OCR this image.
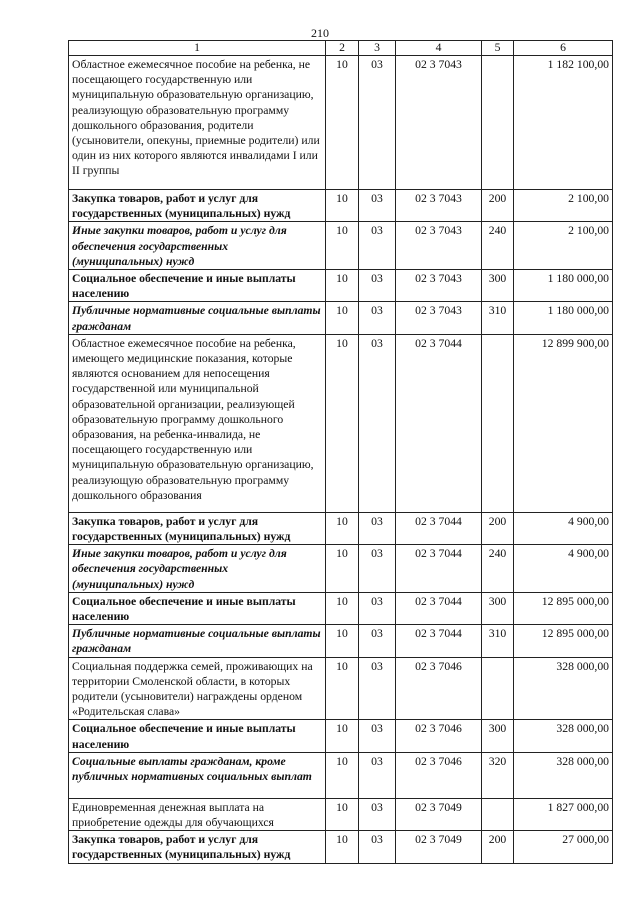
210
1	2	3	4	5	6
Областное ежемесячное пособие на ребенка, не посещающего государственную или муниципальную образовательную организацию, реализующую образовательную программу дошкольного образования, родители (усыновители, опекуны, приемные родители) или один из них которого являются инвалидами I или II группы	10	03	02 3 7043		1 182 100,00
Закупка товаров, работ и услуг для государственных (муниципальных) нужд	10	03	02 3 7043	200	2 100,00
Иные закупки товаров, работ и услуг для обеспечения государственных (муниципальных) нужд	10	03	02 3 7043	240	2 100,00
Социальное обеспечение и иные выплаты населению	10	03	02 3 7043	300	1 180 000,00
Публичные нормативные социальные выплаты гражданам	10	03	02 3 7043	310	1 180 000,00
Областное ежемесячное пособие на ребенка, имеющего медицинские показания, которые являются основанием для непосещения государственной или муниципальной образовательной организации, реализующей образовательную программу дошкольного образования, на ребенка-инвалида, не посещающего государственную или муниципальную образовательную организацию, реализующую образовательную программу дошкольного образования	10	03	02 3 7044		12 899 900,00
Закупка товаров, работ и услуг для государственных (муниципальных) нужд	10	03	02 3 7044	200	4 900,00
Иные закупки товаров, работ и услуг для обеспечения государственных (муниципальных) нужд	10	03	02 3 7044	240	4 900,00
Социальное обеспечение и иные выплаты населению	10	03	02 3 7044	300	12 895 000,00
Публичные нормативные социальные выплаты гражданам	10	03	02 3 7044	310	12 895 000,00
Социальная поддержка семей, проживающих на территории Смоленской области, в которых родители (усыновители) награждены орденом «Родительская слава»	10	03	02 3 7046		328 000,00
Социальное обеспечение и иные выплаты населению	10	03	02 3 7046	300	328 000,00
Социальные выплаты гражданам, кроме публичных нормативных социальных выплат	10	03	02 3 7046	320	328 000,00
Единовременная денежная выплата на приобретение одежды для обучающихся	10	03	02 3 7049		1 827 000,00
Закупка товаров, работ и услуг для государственных (муниципальных) нужд	10	03	02 3 7049	200	27 000,00
